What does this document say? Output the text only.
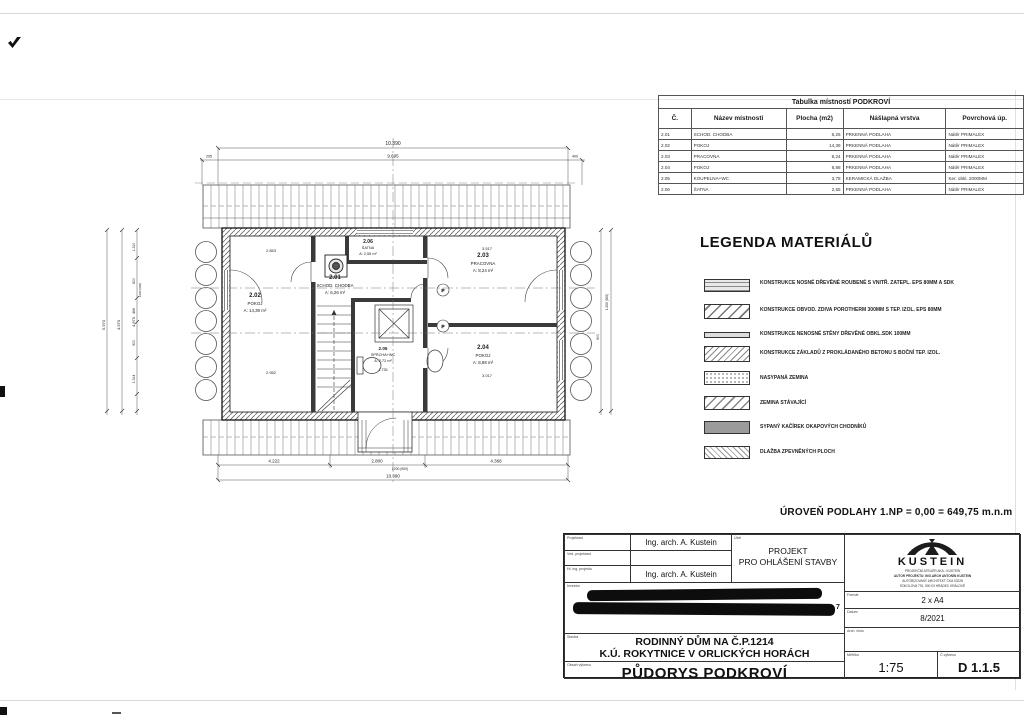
Tabulka místností PODKROVÍ				
Č.	Název místnosti	Plocha (m2)	Nášlapná vrstva	Povrchová úp.
2.01	SCHOD. CHODBA	6,26	PRKENNÁ PODLAHA	Nátěr PRIMALEX
2.02	POKOJ	14,39	PRKENNÁ PODLAHA	Nátěr PRIMALEX
2.03	PRACOVNA	8,24	PRKENNÁ PODLAHA	Nátěr PRIMALEX
2.04	POKOJ	8,88	PRKENNÁ PODLAHA	Nátěr PRIMALEX
2.05	KOUPELNA+WC	3,78	KERAMICKÁ DLAŽBA	Ker. obkl. 2000MM
2.06	ŠATNA	2,55	PRKENNÁ PODLAHA	Nátěr PRIMALEX
P
P
10.390
295	9.695	400
4.222	2.800	4.368
1200 (900)
10.390
5.970	4.970	4.670
1.310
800
1200 (900)
466
900
1.314
1.200 (900)
900
2.853
2.952
3.517
3.017
1.735
2.02
POKOJ
A: 14,39 m²
2.01
SCHOD. CHODBA
A: 6,26 m²
2.06
ŠATNA
A: 2,55 m²	2.03
PRACOVNA
A: 8,24 m²
2.04
POKOJ
A: 8,88 m²
2.05
SPRCHA+WC
A: 2,72 m²
LEGENDA MATERIÁLŮ
KONSTRUKCE NOSNÉ DŘEVĚNÉ ROUBENÉ S VNITŘ. ZATEPL. EPS 80MM A SDK
KONSTRUKCE OBVOD. ZDIVA POROTHERM 300MM S TEP. IZOL. EPS 80MM
KONSTRUKCE NENOSNÉ STĚNY DŘEVĚNÉ OBKL.SDK 100MM
KONSTRUKCE ZÁKLADŮ Z PROKLÁDANÉHO BETONU S BOČNÍ TEP. IZOL.
NASYPANÁ ZEMINA
ZEMINA STÁVAJÍCÍ
SYPANÝ KAČÍREK OKAPOVÝCH CHODNÍKŮ
DLAŽBA ZPEVNĚNÝCH PLOCH
ÚROVEŇ PODLAHY 1.NP = 0,00 = 649,75 m.n.m
Projektant	Ing. arch. A. Kustein
Ved. projektant
Hl. ing. projektu
Ing. arch. A. Kustein
Účel
PROJEKT
PRO OHLÁŠENÍ STAVBY
Investor
7
Stavba	RODINNÝ DŮM NA Č.P.1214
K.Ú. ROKYTNICE V ORLICKÝCH HORÁCH
Obsah výkresu	PŮDORYS PODKROVÍ
KUSTEIN
PROJEKČNÍ ATELIÉR AKA - KUSTEIN
AUTOR PROJEKTU: ING.ARCH ANTONÍN KUSTEIN
AUTORIZOVANÝ ARCHITEKT ČKA 03228
SOKOLOVA 791, 500 03 HRADEC KRÁLOVÉ
Formát
2 x A4
Datum
8/2021
Arch. číslo
Měřítko
1:75
Č.výkresu
D 1.1.5
